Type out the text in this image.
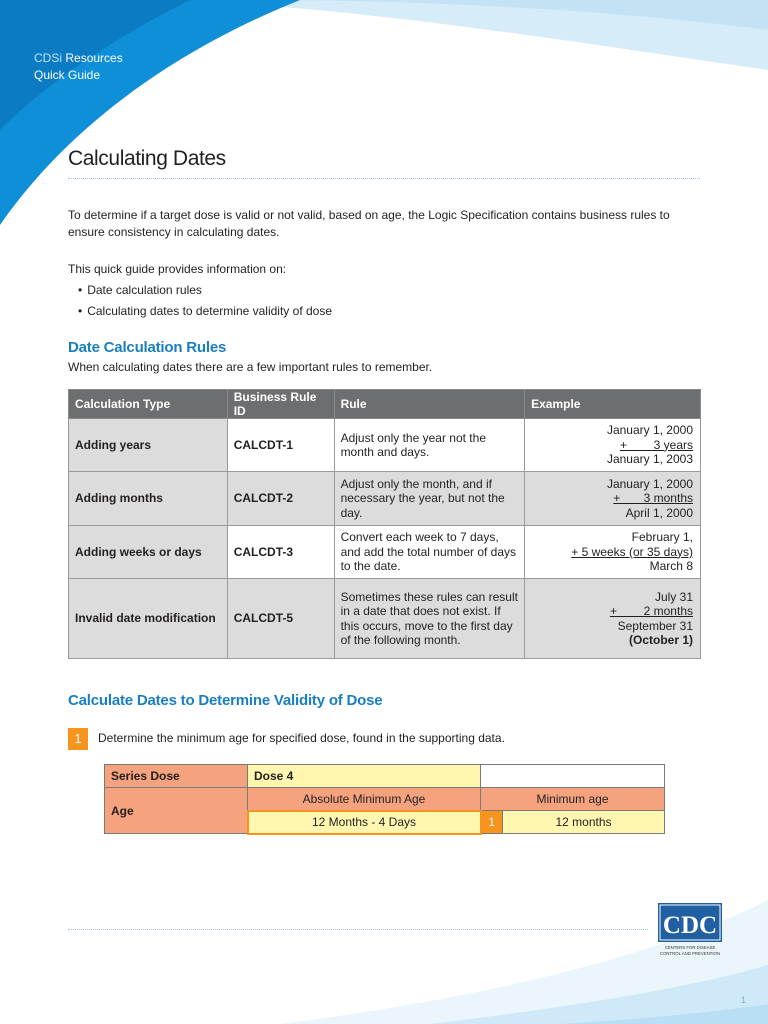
CDSi Resources
Quick Guide
Calculating Dates
To determine if a target dose is valid or not valid, based on age, the Logic Specification contains business rules to ensure consistency in calculating dates.
This quick guide provides information on:
• Date calculation rules
• Calculating dates to determine validity of dose
Date Calculation Rules
When calculating dates there are a few important rules to remember.
Calculation Type	Business Rule ID	Rule	Example
Adding years	CALCDT-1	Adjust only the year not the month and days.	January 1, 2000
+        3 years
January 1, 2003

Adding months	CALCDT-2	Adjust only the month, and if necessary the year, but not the day.	January 1, 2000
+       3 months
April 1, 2000

Adding weeks or days	CALCDT-3	Convert each week to 7 days, and add the total number of days to the date.	February 1,
+ 5 weeks (or 35 days)
March 8

Invalid date modification	CALCDT-5	Sometimes these rules can result in a date that does not exist. If this occurs, move to the first day of the following month.	July 31
+        2 months
September 31
(October 1)
Calculate Dates to Determine Validity of Dose
1	Determine the minimum age for specified dose, found in the supporting data.
Series Dose	Dose 4		
Age	Absolute Minimum Age	Minimum age	
	12 Months - 4 Days	1	12 months
CDC
CENTERS FOR DISEASE
CONTROL AND PREVENTION
1
